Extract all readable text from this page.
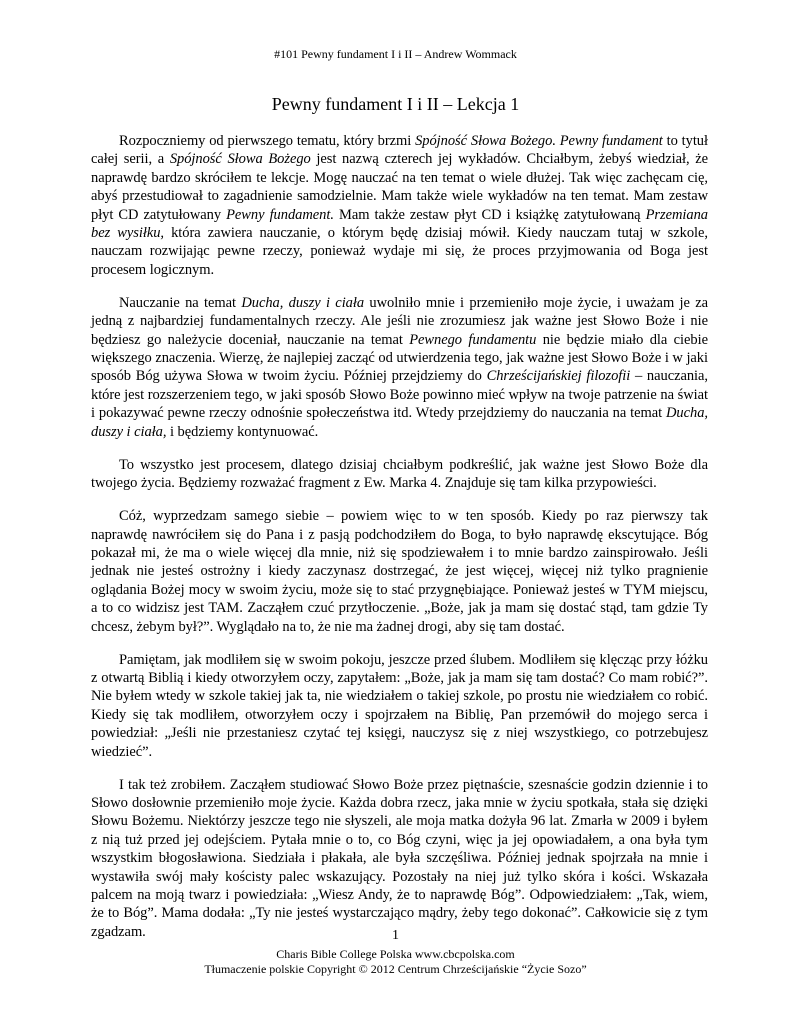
#101 Pewny fundament I i II – Andrew Wommack
Pewny fundament I i II – Lekcja 1

Rozpoczniemy od pierwszego tematu, który brzmi Spójność Słowa Bożego. Pewny fundament to tytuł całej serii, a Spójność Słowa Bożego jest nazwą czterech jej wykładów. Chciałbym, żebyś wiedział, że naprawdę bardzo skróciłem te lekcje. Mogę nauczać na ten temat o wiele dłużej. Tak więc zachęcam cię, abyś przestudiował to zagadnienie samodzielnie. Mam także wiele wykładów na ten temat. Mam zestaw płyt CD zatytułowany Pewny fundament. Mam także zestaw płyt CD i książkę zatytułowaną Przemiana bez wysiłku, która zawiera nauczanie, o którym będę dzisiaj mówił. Kiedy nauczam tutaj w szkole, nauczam rozwijając pewne rzeczy, ponieważ wydaje mi się, że proces przyjmowania od Boga jest procesem logicznym.

Nauczanie na temat Ducha, duszy i ciała uwolniło mnie i przemieniło moje życie, i uważam je za jedną z najbardziej fundamentalnych rzeczy. Ale jeśli nie zrozumiesz jak ważne jest Słowo Boże i nie będziesz go należycie doceniał, nauczanie na temat Pewnego fundamentu nie będzie miało dla ciebie większego znaczenia. Wierzę, że najlepiej zacząć od utwierdzenia tego, jak ważne jest Słowo Boże i w jaki sposób Bóg używa Słowa w twoim życiu. Później przejdziemy do Chrześcijańskiej filozofii – nauczania, które jest rozszerzeniem tego, w jaki sposób Słowo Boże powinno mieć wpływ na twoje patrzenie na świat i pokazywać pewne rzeczy odnośnie społeczeństwa itd. Wtedy przejdziemy do nauczania na temat Ducha, duszy i ciała, i będziemy kontynuować.

To wszystko jest procesem, dlatego dzisiaj chciałbym podkreślić, jak ważne jest Słowo Boże dla twojego życia. Będziemy rozważać fragment z Ew. Marka 4. Znajduje się tam kilka przypowieści.

Cóż, wyprzedzam samego siebie – powiem więc to w ten sposób. Kiedy po raz pierwszy tak naprawdę nawróciłem się do Pana i z pasją podchodziłem do Boga, to było naprawdę ekscytujące. Bóg pokazał mi, że ma o wiele więcej dla mnie, niż się spodziewałem i to mnie bardzo zainspirowało. Jeśli jednak nie jesteś ostrożny i kiedy zaczynasz dostrzegać, że jest więcej, więcej niż tylko pragnienie oglądania Bożej mocy w swoim życiu, może się to stać przygnębiające. Ponieważ jesteś w TYM miejscu, a to co widzisz jest TAM. Zacząłem czuć przytłoczenie. „Boże, jak ja mam się dostać stąd, tam gdzie Ty chcesz, żebym był?”. Wyglądało na to, że nie ma żadnej drogi, aby się tam dostać.

Pamiętam, jak modliłem się w swoim pokoju, jeszcze przed ślubem. Modliłem się klęcząc przy łóżku z otwartą Biblią i kiedy otworzyłem oczy, zapytałem: „Boże, jak ja mam się tam dostać? Co mam robić?”. Nie byłem wtedy w szkole takiej jak ta, nie wiedziałem o takiej szkole, po prostu nie wiedziałem co robić. Kiedy się tak modliłem, otworzyłem oczy i spojrzałem na Biblię, Pan przemówił do mojego serca i powiedział: „Jeśli nie przestaniesz czytać tej księgi, nauczysz się z niej wszystkiego, co potrzebujesz wiedzieć”.

I tak też zrobiłem. Zacząłem studiować Słowo Boże przez piętnaście, szesnaście godzin dziennie i to Słowo dosłownie przemieniło moje życie. Każda dobra rzecz, jaka mnie w życiu spotkała, stała się dzięki Słowu Bożemu. Niektórzy jeszcze tego nie słyszeli, ale moja matka dożyła 96 lat. Zmarła w 2009 i byłem z nią tuż przed jej odejściem. Pytała mnie o to, co Bóg czyni, więc ja jej opowiadałem, a ona była tym wszystkim błogosławiona. Siedziała i płakała, ale była szczęśliwa. Później jednak spojrzała na mnie i wystawiła swój mały kościsty palec wskazujący. Pozostały na niej już tylko skóra i kości. Wskazała palcem na moją twarz i powiedziała: „Wiesz Andy, że to naprawdę Bóg”. Odpowiedziałem: „Tak, wiem, że to Bóg”. Mama dodała: „Ty nie jesteś wystarczająco mądry, żeby tego dokonać”. Całkowicie się z tym zgadzam.	1
Charis Bible College Polska www.cbcpolska.com
Tłumaczenie polskie Copyright © 2012 Centrum Chrześcijańskie “Życie Sozo”
